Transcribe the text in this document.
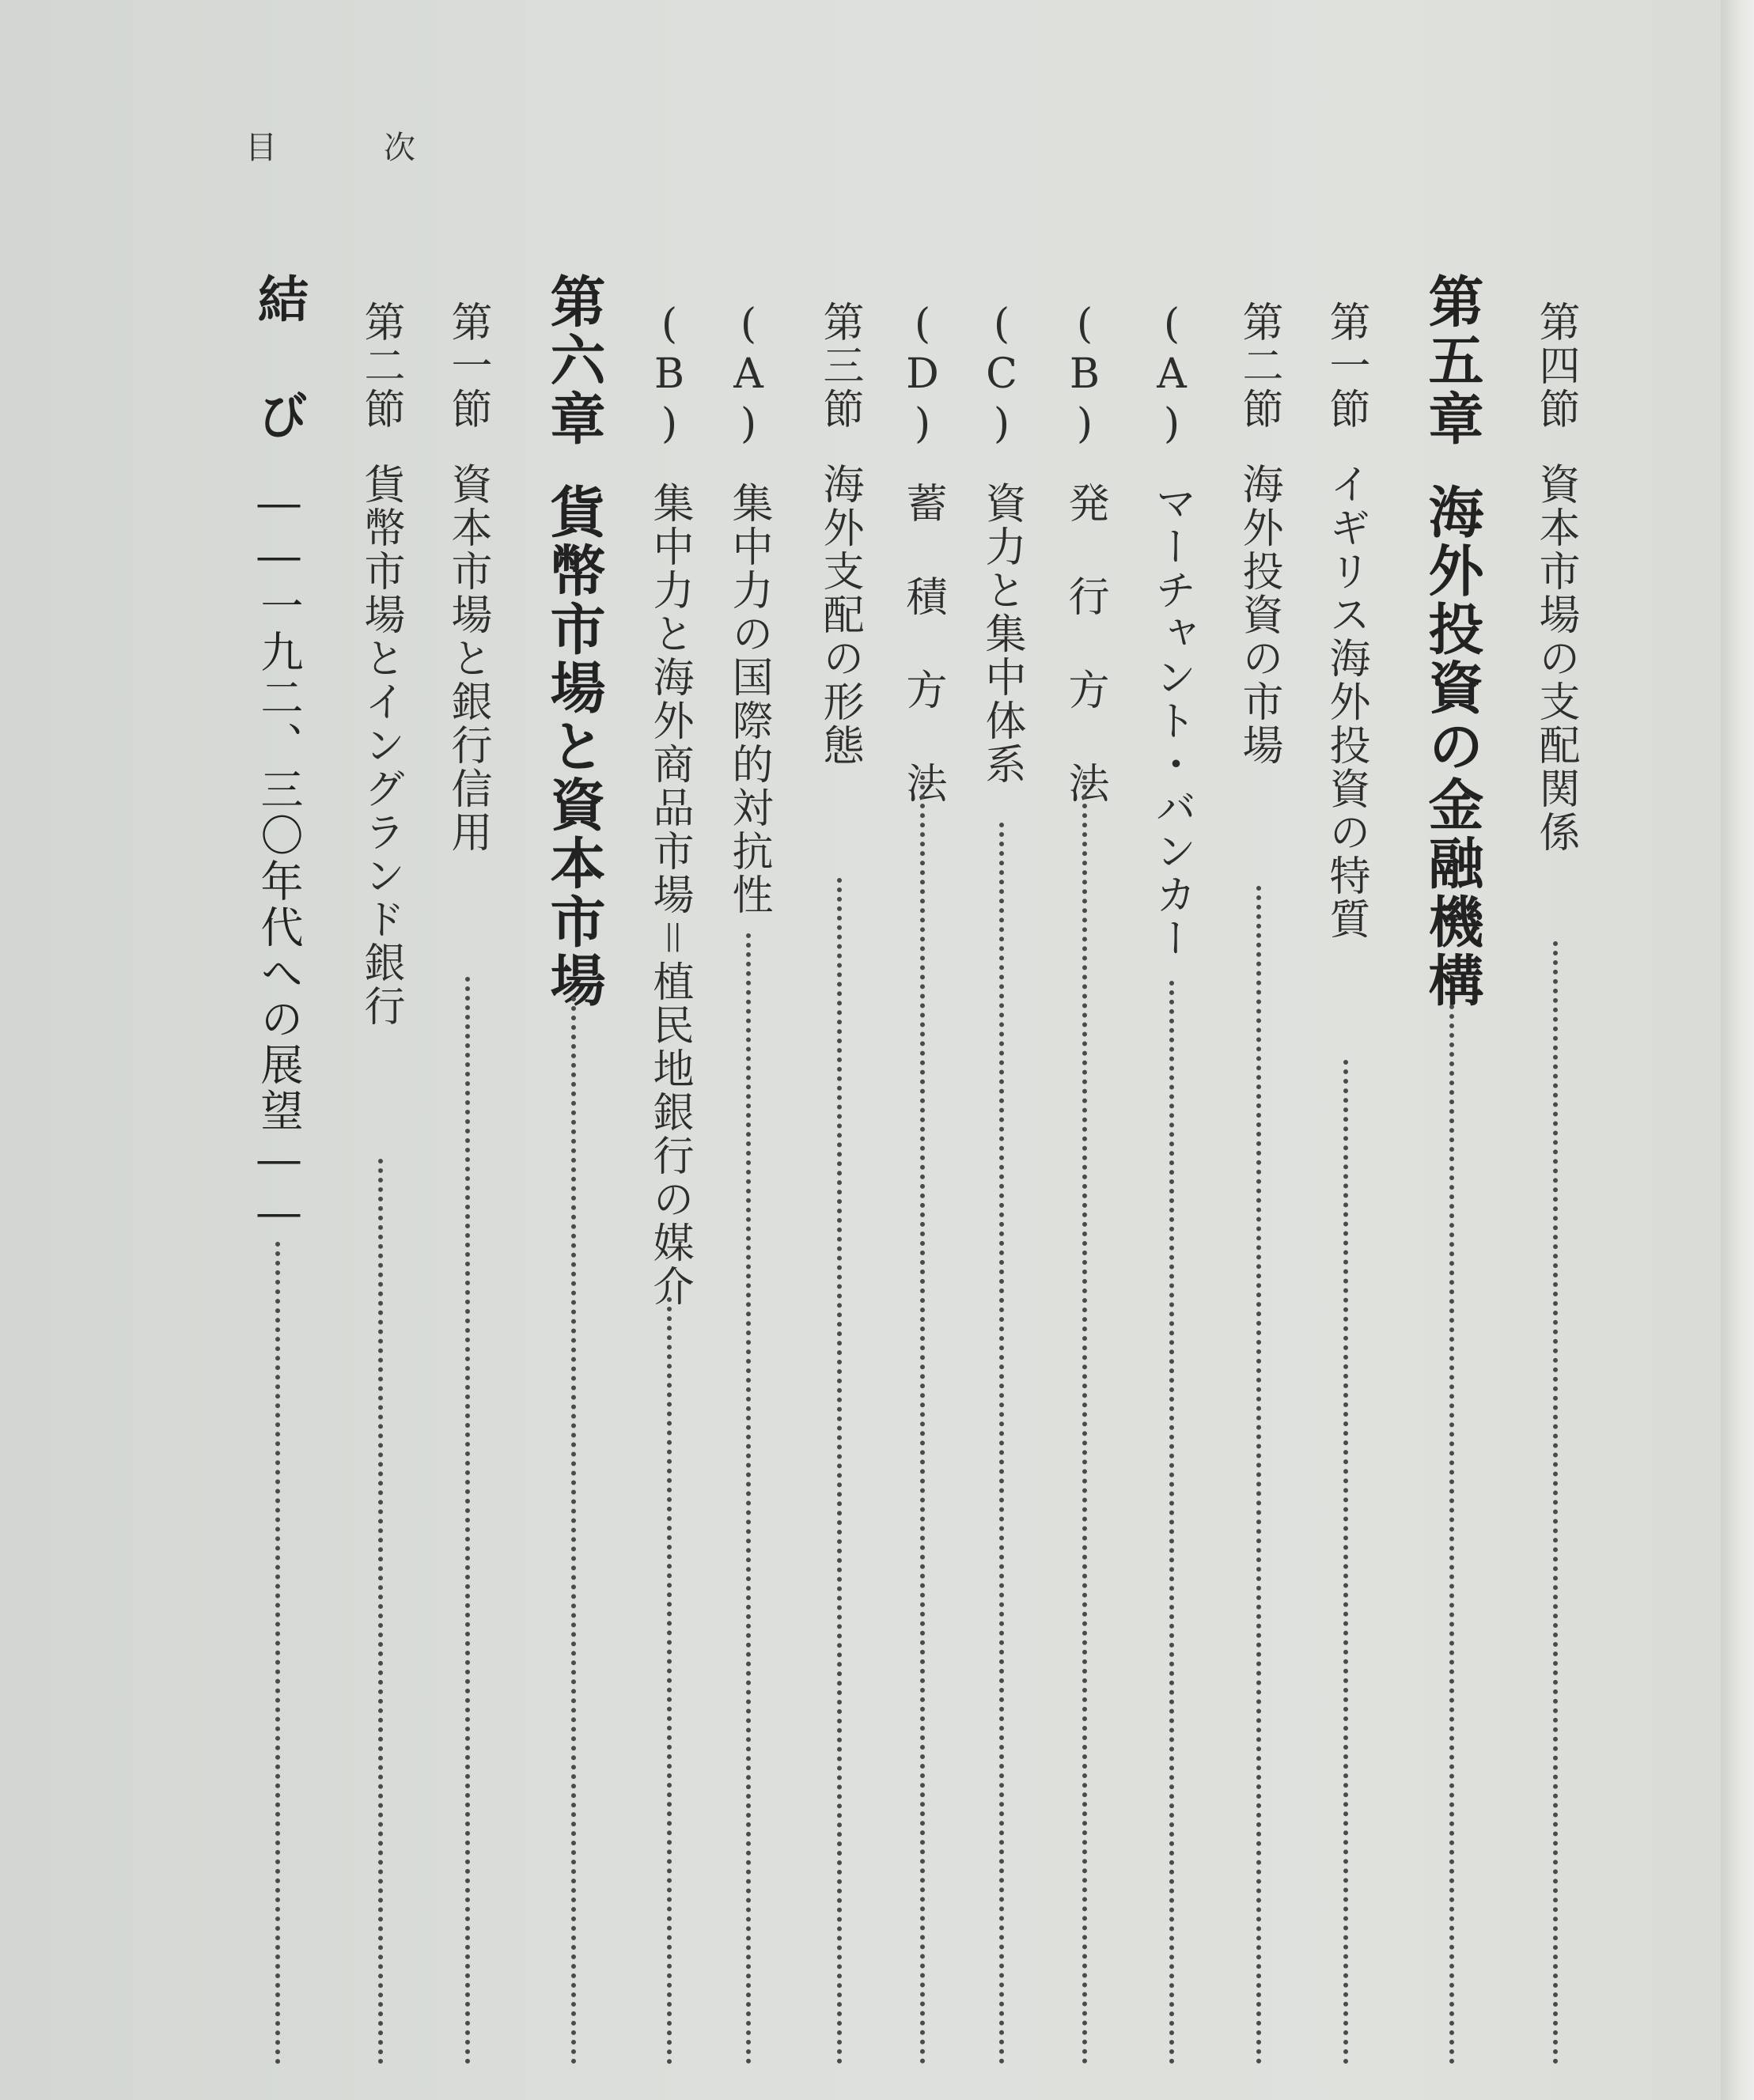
目	次
第四節資本市場の支配関係
第五章海外投資の金融機構
第一節イギリス海外投資の特質
第二節海外投資の市場
(A)マーチャント・バンカー
(B)発 行 方 法
(C)資力と集中体系
(D)蓄 積 方 法
第三節海外支配の形態
(A)集中力の国際的対抗性
(B)集中力と海外商品市場＝植民地銀行の媒介
第六章貨幣市場と資本市場
第一節資本市場と銀行信用
第二節貨幣市場とイングランド銀行
結 び――一九二、三〇年代への展望――
